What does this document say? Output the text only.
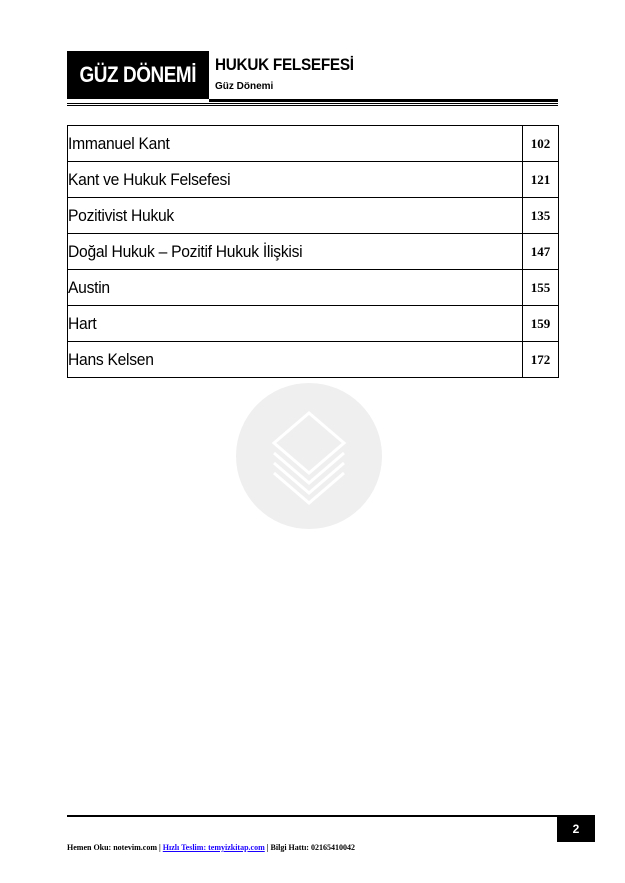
GÜZ DÖNEMİ HUKUK FELSEFESİ
Güz Dönemi
Immanuel Kant	102
Kant ve Hukuk Felsefesi	121
Pozitivist Hukuk	135
Doğal Hukuk – Pozitif Hukuk İlişkisi	147
Austin	155
Hart	159
Hans Kelsen	172
2
Hemen Oku: notevim.com | Hızlı Teslim: temyizkitap.com | Bilgi Hattı: 02165410042
